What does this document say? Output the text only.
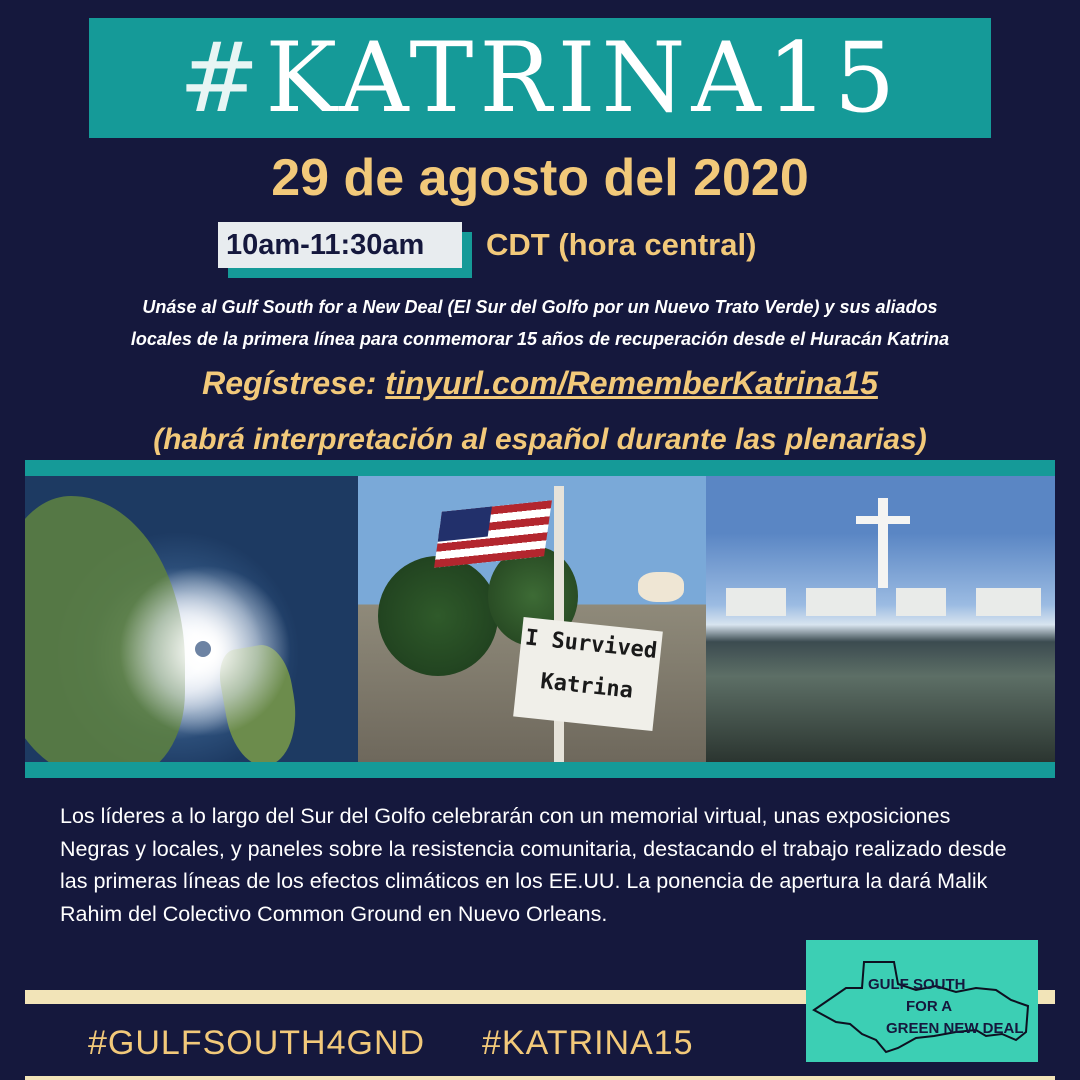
#KATRINA15
29 de agosto del 2020
10am-11:30am	CDT (hora central)
Unáse al Gulf South for a New Deal (El Sur del Golfo por un Nuevo Trato Verde) y sus aliados
locales de la primera línea para conmemorar 15 años de recuperación desde el Huracán Katrina
Regístrese: tinyurl.com/RememberKatrina15
(habrá interpretación al español durante las plenarias)
I Survived
Katrina
Los líderes a lo largo del Sur del Golfo celebrarán con un memorial virtual, unas exposiciones Negras y locales, y paneles sobre la resistencia comunitaria, destacando el trabajo realizado desde las primeras líneas de los efectos climáticos en los EE.UU. La ponencia de apertura la dará Malik Rahim del Colectivo Common Ground en Nuevo Orleans.
#GULFSOUTH4GND #KATRINA15
GULF SOUTH
FOR A
GREEN NEW DEAL
